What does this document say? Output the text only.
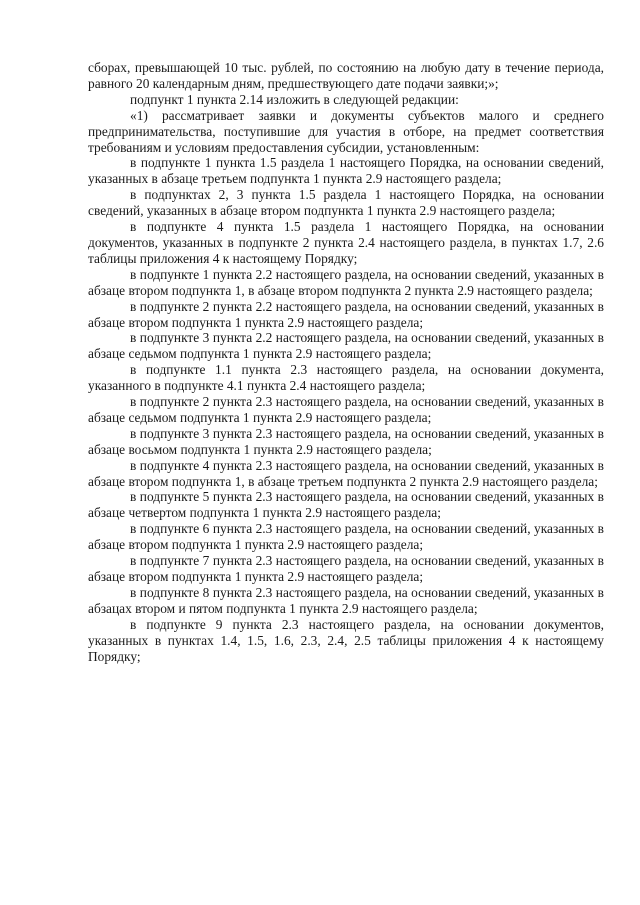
сборах, превышающей 10 тыс. рублей, по состоянию на любую дату в течение периода, равного 20 календарным дням, предшествующего дате подачи заявки;»;

подпункт 1 пункта 2.14 изложить в следующей редакции:

«1) рассматривает заявки и документы субъектов малого и среднего предпринимательства, поступившие для участия в отборе, на предмет соответствия требованиям и условиям предоставления субсидии, установленным:

в подпункте 1 пункта 1.5 раздела 1 настоящего Порядка, на основании сведений, указанных в абзаце третьем подпункта 1 пункта 2.9 настоящего раздела;

в подпунктах 2, 3 пункта 1.5 раздела 1 настоящего Порядка, на основании сведений, указанных в абзаце втором подпункта 1 пункта 2.9 настоящего раздела;

в подпункте 4 пункта 1.5 раздела 1 настоящего Порядка, на основании документов, указанных в подпункте 2 пункта 2.4 настоящего раздела, в пунктах 1.7, 2.6 таблицы приложения 4 к настоящему Порядку;

в подпункте 1 пункта 2.2 настоящего раздела, на основании сведений, указанных в абзаце втором подпункта 1, в абзаце втором подпункта 2 пункта 2.9 настоящего раздела;

в подпункте 2 пункта 2.2 настоящего раздела, на основании сведений, указанных в абзаце втором подпункта 1 пункта 2.9 настоящего раздела;

в подпункте 3 пункта 2.2 настоящего раздела, на основании сведений, указанных в абзаце седьмом подпункта 1 пункта 2.9 настоящего раздела;

в подпункте 1.1 пункта 2.3 настоящего раздела, на основании документа, указанного в подпункте 4.1 пункта 2.4 настоящего раздела;

в подпункте 2 пункта 2.3 настоящего раздела, на основании сведений, указанных в абзаце седьмом подпункта 1 пункта 2.9 настоящего раздела;

в подпункте 3 пункта 2.3 настоящего раздела, на основании сведений, указанных в абзаце восьмом подпункта 1 пункта 2.9 настоящего раздела;

в подпункте 4 пункта 2.3 настоящего раздела, на основании сведений, указанных в абзаце втором подпункта 1, в абзаце третьем подпункта 2 пункта 2.9 настоящего раздела;

в подпункте 5 пункта 2.3 настоящего раздела, на основании сведений, указанных в абзаце четвертом подпункта 1 пункта 2.9 настоящего раздела;

в подпункте 6 пункта 2.3 настоящего раздела, на основании сведений, указанных в абзаце втором подпункта 1 пункта 2.9 настоящего раздела;

в подпункте 7 пункта 2.3 настоящего раздела, на основании сведений, указанных в абзаце втором подпункта 1 пункта 2.9 настоящего раздела;

в подпункте 8 пункта 2.3 настоящего раздела, на основании сведений, указанных в абзацах втором и пятом подпункта 1 пункта 2.9 настоящего раздела;

в подпункте 9 пункта 2.3 настоящего раздела, на основании документов, указанных в пунктах 1.4, 1.5, 1.6, 2.3, 2.4, 2.5 таблицы приложения 4 к настоящему Порядку;
